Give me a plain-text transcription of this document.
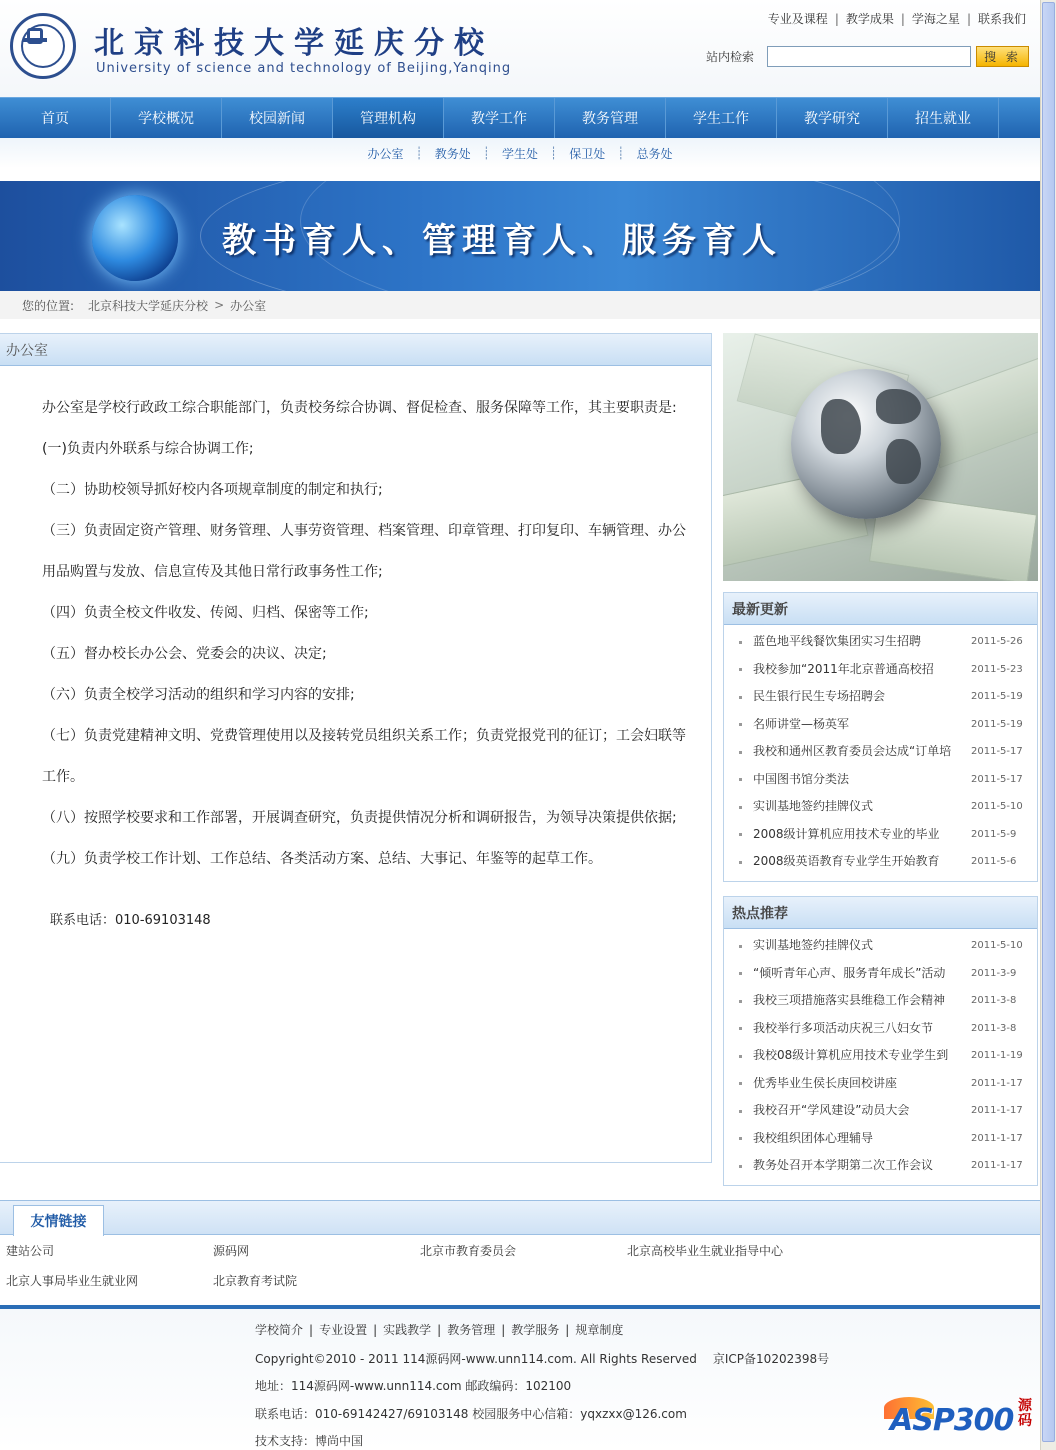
北京科技大学延庆分校
University of science and technology of Beijing,Yanqing
专业及课程 | 教学成果 | 学海之星 | 联系我们
站内检索	搜 索
首页	学校概况	校园新闻	管理机构	教学工作	教务管理	学生工作	教学研究	招生就业
办公室 ┊ 教务处 ┊ 学生处 ┊ 保卫处 ┊ 总务处
教书育人、管理育人、服务育人
您的位置: 北京科技大学延庆分校 > 办公室
办公室

办公室是学校行政政工综合职能部门，负责校务综合协调、督促检查、服务保障等工作，其主要职责是:

(一)负责内外联系与综合协调工作;

（二）协助校领导抓好校内各项规章制度的制定和执行;

（三）负责固定资产管理、财务管理、人事劳资管理、档案管理、印章管理、打印复印、车辆管理、办公用品购置与发放、信息宣传及其他日常行政事务性工作;

（四）负责全校文件收发、传阅、归档、保密等工作;

（五）督办校长办公会、党委会的决议、决定;

（六）负责全校学习活动的组织和学习内容的安排;

（七）负责党建精神文明、党费管理使用以及接转党员组织关系工作；负责党报党刊的征订；工会妇联等工作。

（八）按照学校要求和工作部署，开展调查研究，负责提供情况分析和调研报告，为领导决策提供依据;

（九）负责学校工作计划、工作总结、各类活动方案、总结、大事记、年鉴等的起草工作。

联系电话：010-69103148

最新更新
蓝色地平线餐饮集团实习生招聘	2011-5-26
我校参加“2011年北京普通高校招	2011-5-23
民生银行民生专场招聘会	2011-5-19
名师讲堂—杨英军	2011-5-19
我校和通州区教育委员会达成“订单培	2011-5-17
中国图书馆分类法	2011-5-17
实训基地签约挂牌仪式	2011-5-10
2008级计算机应用技术专业的毕业	2011-5-9
2008级英语教育专业学生开始教育	2011-5-6
热点推荐
实训基地签约挂牌仪式	2011-5-10
“倾听青年心声、服务青年成长”活动	2011-3-9
我校三项措施落实县维稳工作会精神	2011-3-8
我校举行多项活动庆祝三八妇女节	2011-3-8
我校08级计算机应用技术专业学生到	2011-1-19
优秀毕业生侯长庚回校讲座	2011-1-17
我校召开“学风建设”动员大会	2011-1-17
我校组织团体心理辅导	2011-1-17
教务处召开本学期第二次工作会议	2011-1-17
友情链接
建站公司	源码网	北京市教育委员会	北京高校毕业生就业指导中心
北京人事局毕业生就业网	北京教育考试院
学校简介 | 专业设置 | 实践教学 | 教务管理 | 教学服务 | 规章制度
Copyright©2010 - 2011 114源码网-www.unn114.com. All Rights Reserved 京ICP备10202398号
地址：114源码网-www.unn114.com 邮政编码：102100
联系电话：010-69142427/69103148 校园服务中心信箱：yqxzxx@126.com
技术支持：博尚中国
ASP300 源码
